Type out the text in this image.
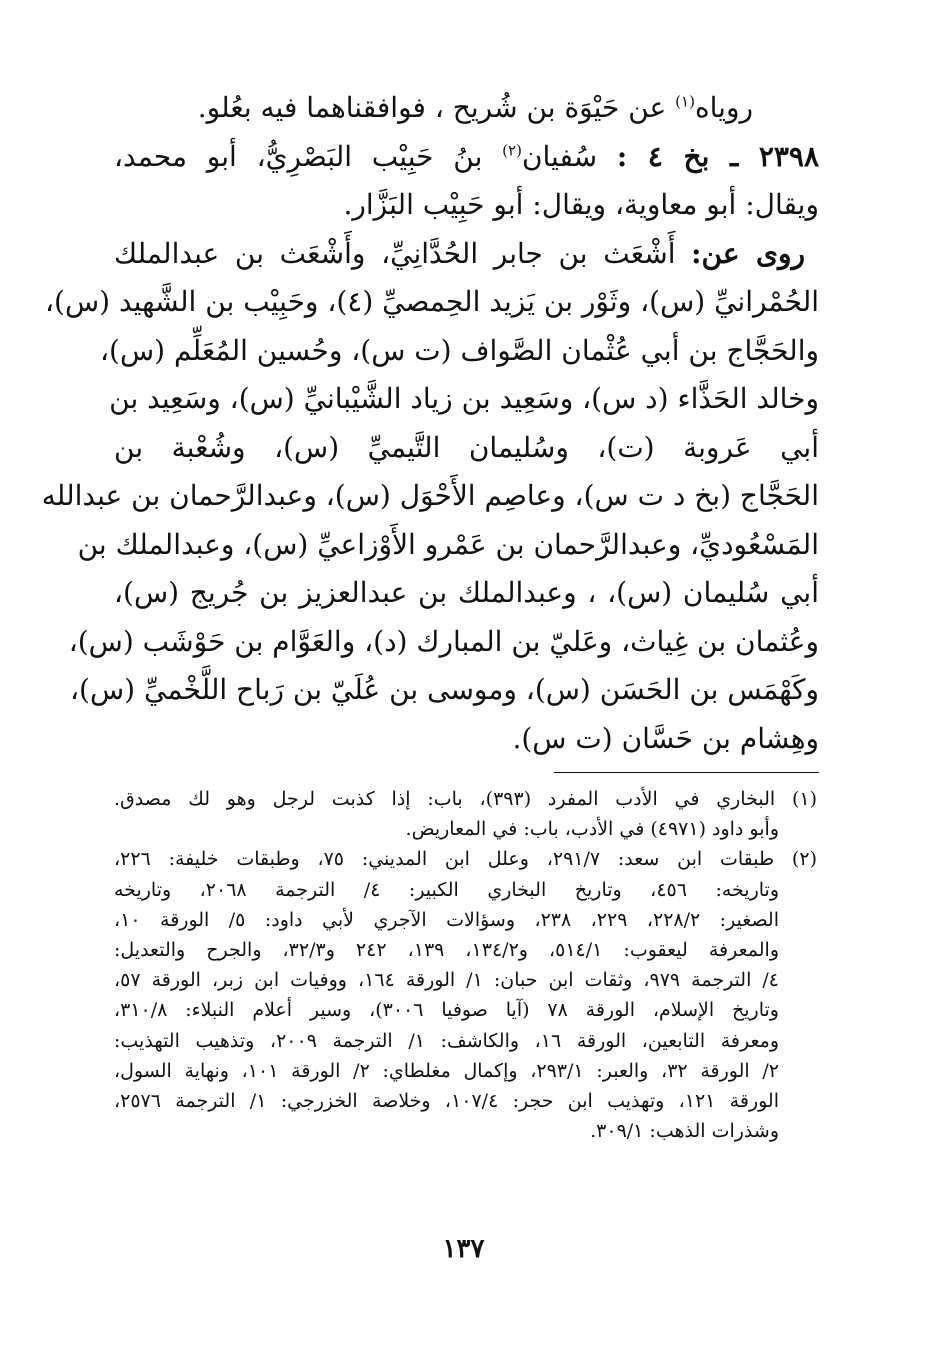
روياه$^{(١)}$ عن حَيْوَة بن شُريح ، فوافقناهما فيه بعُلو.
٢٣٩٨ ـ بخ ٤ : سُفيان$^{(٢)}$ بنُ حَبِيْب البَصْرِيُّ، أبو محمد،
ويقال: أبو معاوية، ويقال: أبو حَبِيْب البَزَّار.
روى عن: أَشْعَث بن جابر الحُدَّانِيِّ، وأَشْعَث بن عبدالملك
الحُمْرانيِّ (س)، وثَوْر بن يَزيد الحِمصيِّ (٤)، وحَبِيْب بن الشَّهيد (س)،
والحَجَّاج بن أبي عُثْمان الصَّواف (ت س)، وحُسين المُعَلِّم (س)،
وخالد الحَذَّاء (د س)، وسَعِيد بن زياد الشَّيْبانيِّ (س)، وسَعِيد بن
أبي عَروبة (ت)، وسُليمان التَّيميِّ (س)، وشُعْبة بن
الحَجَّاج (بخ د ت س)، وعاصِم الأَحْوَل (س)، وعبدالرَّحمان بن عبدالله
المَسْعُوديِّ، وعبدالرَّحمان بن عَمْرو الأَوْزاعيِّ (س)، وعبدالملك بن
أبي سُليمان (س)، ، وعبدالملك بن عبدالعزيز بن جُريج (س)،
وعُثمان بن غِياث، وعَليّ بن المبارك (د)، والعَوَّام بن حَوْشَب (س)،
وكَهْمَس بن الحَسَن (س)، وموسى بن عُلَيّ بن رَباح اللَّخْميِّ (س)،
وهِشام بن حَسَّان (ت س).
(١) البخاري في الأدب المفرد (٣٩٣)، باب: إذا كذبت لرجل وهو لك مصدق.
وأبو داود (٤٩٧١) في الأدب، باب: في المعاريض.
(٢) طبقات ابن سعد: ٢٩١/٧، وعلل ابن المديني: ٧٥، وطبقات خليفة: ٢٢٦،
وتاريخه: ٤٥٦، وتاريخ البخاري الكبير: ٤/ الترجمة ٢٠٦٨، وتاريخه
الصغير: ٢٢٨/٢، ٢٢٩، ٢٣٨، وسؤالات الآجري لأبي داود: ٥/ الورقة ١٠،
والمعرفة ليعقوب: ٥١٤/١، و١٣٤/٢، ١٣٩، ٢٤٢ و٣٢/٣، والجرح والتعديل:
٤/ الترجمة ٩٧٩، وثقات ابن حبان: ١/ الورقة ١٦٤، ووفيات ابن زبر، الورقة ٥٧،
وتاريخ الإسلام، الورقة ٧٨ (آيا صوفيا ٣٠٠٦)، وسير أعلام النبلاء: ٣١٠/٨،
ومعرفة التابعين، الورقة ١٦، والكاشف: ١/ الترجمة ٢٠٠٩، وتذهيب التهذيب:
٢/ الورقة ٣٢، والعبر: ٢٩٣/١، وإكمال مغلطاي: ٢/ الورقة ١٠١، ونهاية السول،
الورقة ١٢١، وتهذيب ابن حجر: ١٠٧/٤، وخلاصة الخزرجي: ١/ الترجمة ٢٥٧٦،
وشذرات الذهب: ٣٠٩/١.
١٣٧
